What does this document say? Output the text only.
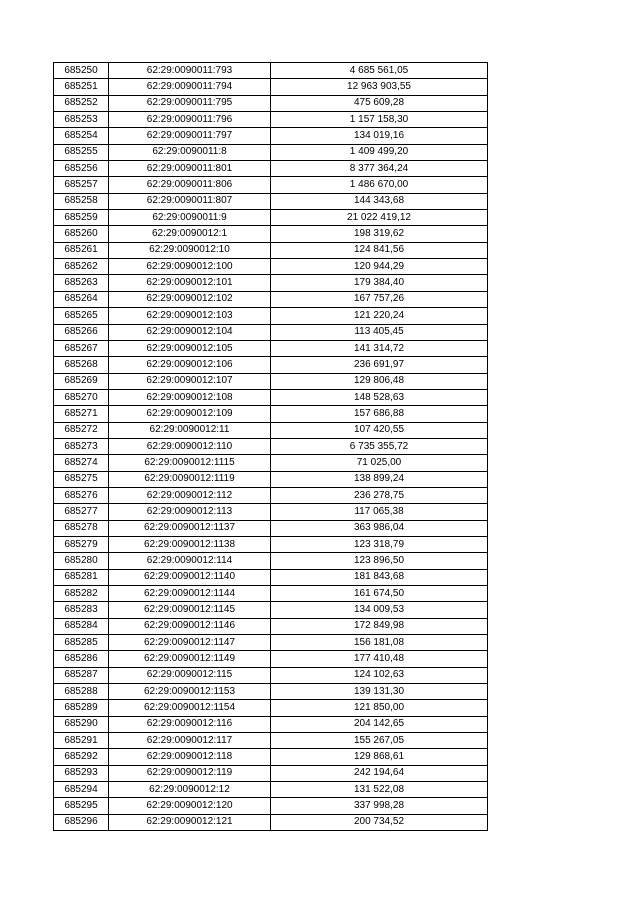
685250	62:29:0090011:793	4 685 561,05
685251	62:29:0090011:794	12 963 903,55
685252	62:29:0090011:795	475 609,28
685253	62:29:0090011:796	1 157 158,30
685254	62:29:0090011:797	134 019,16
685255	62:29:0090011:8	1 409 499,20
685256	62:29:0090011:801	8 377 364,24
685257	62:29:0090011:806	1 486 670,00
685258	62:29:0090011:807	144 343,68
685259	62:29:0090011:9	21 022 419,12
685260	62:29:0090012:1	198 319,62
685261	62:29:0090012:10	124 841,56
685262	62:29:0090012:100	120 944,29
685263	62:29:0090012:101	179 384,40
685264	62:29:0090012:102	167 757,26
685265	62:29:0090012:103	121 220,24
685266	62:29:0090012:104	113 405,45
685267	62:29:0090012:105	141 314,72
685268	62:29:0090012:106	236 691,97
685269	62:29:0090012:107	129 806,48
685270	62:29:0090012:108	148 528,63
685271	62:29:0090012:109	157 686,88
685272	62:29:0090012:11	107 420,55
685273	62:29:0090012:110	6 735 355,72
685274	62:29:0090012:1115	71 025,00
685275	62:29:0090012:1119	138 899,24
685276	62:29:0090012:112	236 278,75
685277	62:29:0090012:113	117 065,38
685278	62:29:0090012:1137	363 986,04
685279	62:29:0090012:1138	123 318,79
685280	62:29:0090012:114	123 896,50
685281	62:29:0090012:1140	181 843,68
685282	62:29:0090012:1144	161 674,50
685283	62:29:0090012:1145	134 009,53
685284	62:29:0090012:1146	172 849,98
685285	62:29:0090012:1147	156 181,08
685286	62:29:0090012:1149	177 410,48
685287	62:29:0090012:115	124 102,63
685288	62:29:0090012:1153	139 131,30
685289	62:29:0090012:1154	121 850,00
685290	62:29:0090012:116	204 142,65
685291	62:29:0090012:117	155 267,05
685292	62:29:0090012:118	129 868,61
685293	62:29:0090012:119	242 194,64
685294	62:29:0090012:12	131 522,08
685295	62:29:0090012:120	337 998,28
685296	62:29:0090012:121	200 734,52
